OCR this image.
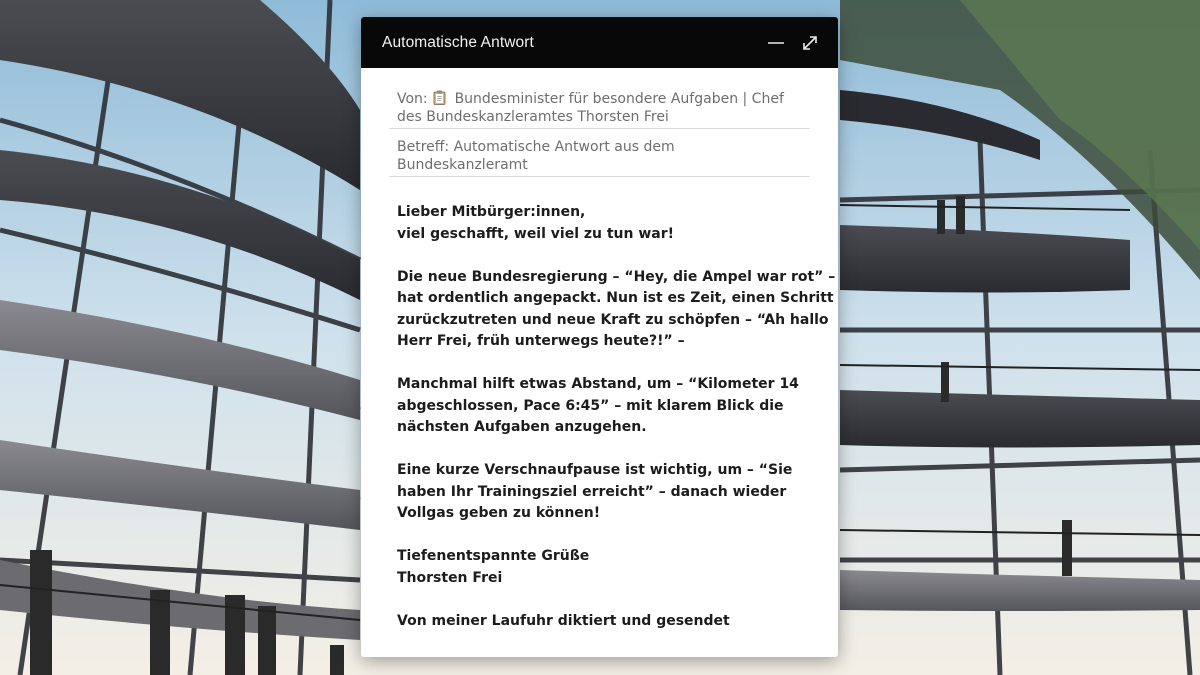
Automatische Antwort
Von: Bundesminister für besondere Aufgaben | Chef
des Bundeskanzleramtes Thorsten Frei
Betreff: Automatische Antwort aus dem
Bundeskanzleramt
Lieber Mitbürger:innen,
viel geschafft, weil viel zu tun war!
Die neue Bundesregierung – “Hey, die Ampel war rot” –
hat ordentlich angepackt. Nun ist es Zeit, einen Schritt
zurückzutreten und neue Kraft zu schöpfen – “Ah hallo
Herr Frei, früh unterwegs heute?!” –
Manchmal hilft etwas Abstand, um – “Kilometer 14
abgeschlossen, Pace 6:45” – mit klarem Blick die
nächsten Aufgaben anzugehen.
Eine kurze Verschnaufpause ist wichtig, um – “Sie
haben Ihr Trainingsziel erreicht” – danach wieder
Vollgas geben zu können!
Tiefenentspannte Grüße
Thorsten Frei
Von meiner Laufuhr diktiert und gesendet
